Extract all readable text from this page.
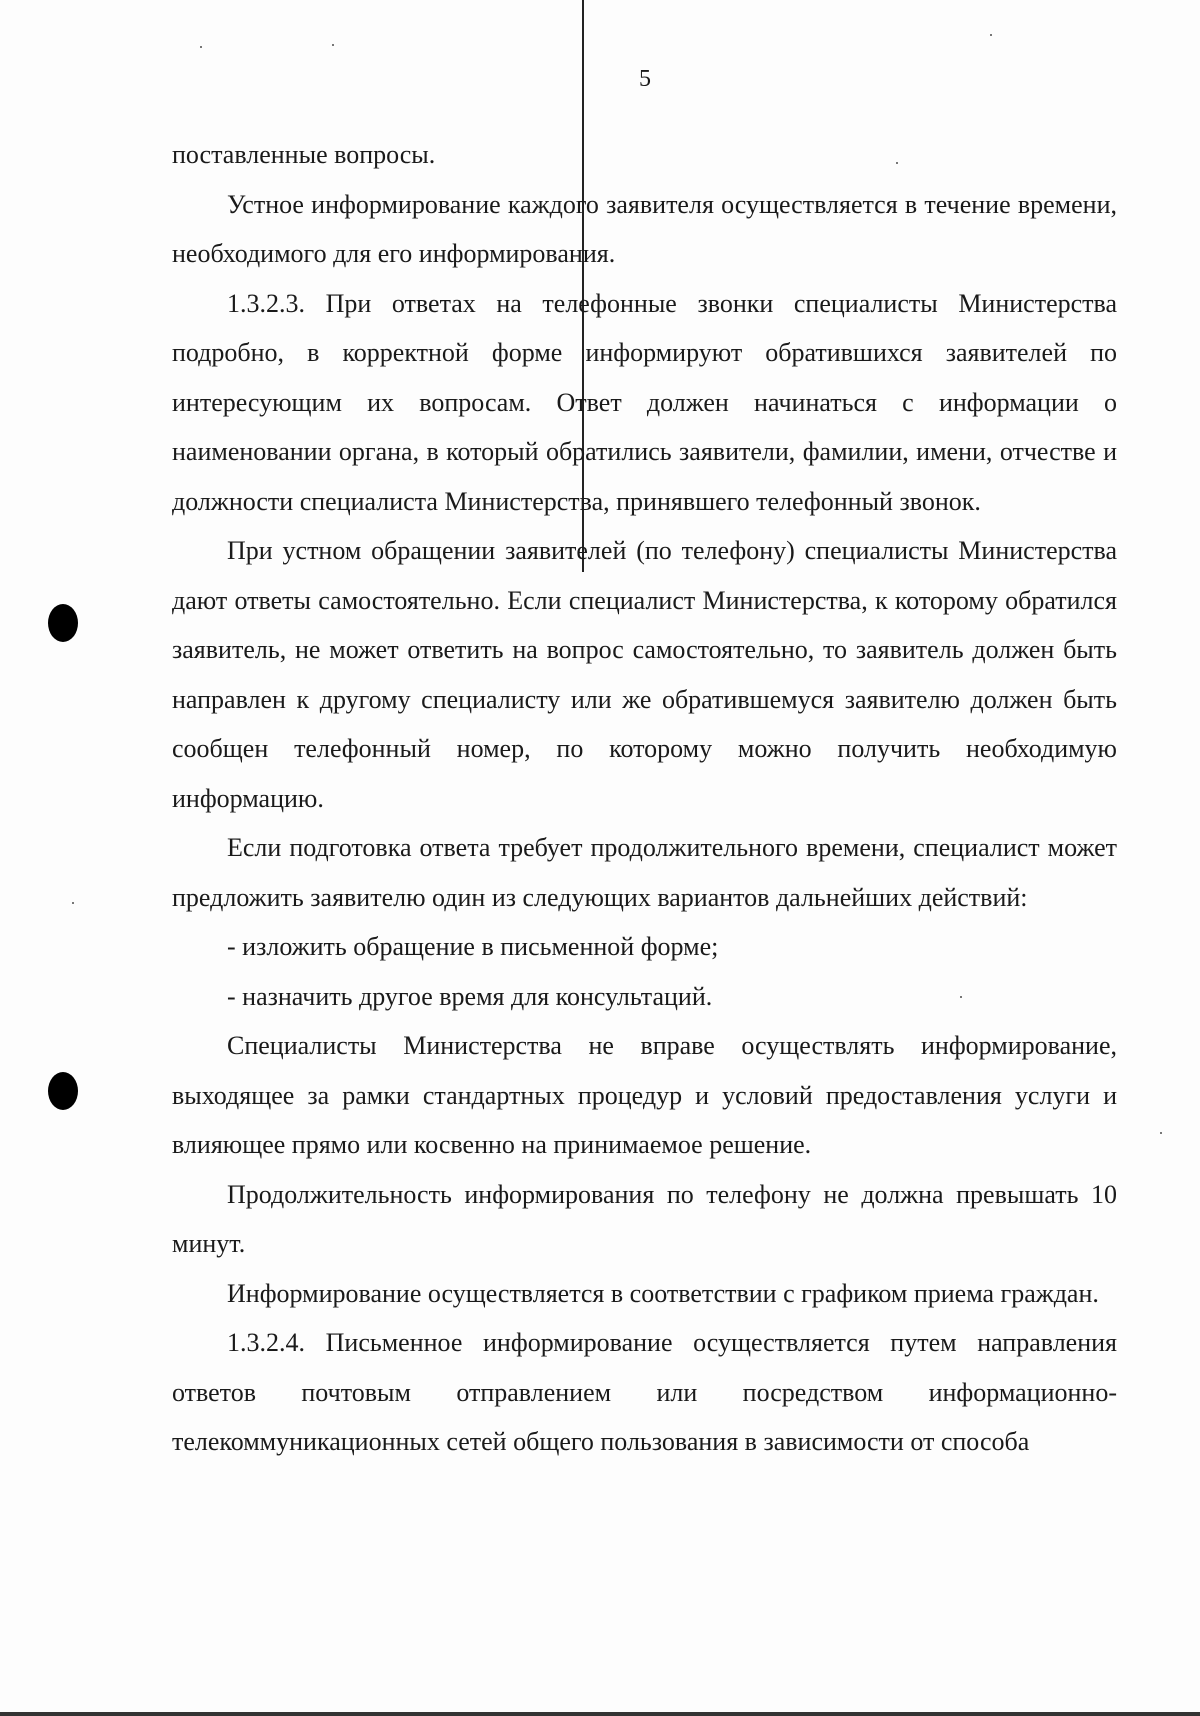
5

поставленные вопросы.

Устное информирование каждого заявителя осуществляется в течение времени, необходимого для его информирования.

1.3.2.3. При ответах на телефонные звонки специалисты Министерства подробно, в корректной форме информируют обратившихся заявителей по интересующим их вопросам. Ответ должен начинаться с информации о наименовании органа, в который обратились заявители, фамилии, имени, отчестве и должности специалиста Министерства, принявшего телефонный звонок.

При устном обращении заявителей (по телефону) специалисты Министерства дают ответы самостоятельно. Если специалист Министерства, к которому обратился заявитель, не может ответить на вопрос самостоятельно, то заявитель должен быть направлен к другому специалисту или же обратившемуся заявителю должен быть сообщен телефонный номер, по которому можно получить необходимую информацию.

Если подготовка ответа требует продолжительного времени, специалист может предложить заявителю один из следующих вариантов дальнейших действий:

- изложить обращение в письменной форме;

- назначить другое время для консультаций.

Специалисты Министерства не вправе осуществлять информирование, выходящее за рамки стандартных процедур и условий предоставления услуги и влияющее прямо или косвенно на принимаемое решение.

Продолжительность информирования по телефону не должна превышать 10 минут.

Информирование осуществляется в соответствии с графиком приема граждан.

1.3.2.4. Письменное информирование осуществляется путем направления ответов почтовым отправлением или посредством информационно-телекоммуникационных сетей общего пользования в зависимости от способа
